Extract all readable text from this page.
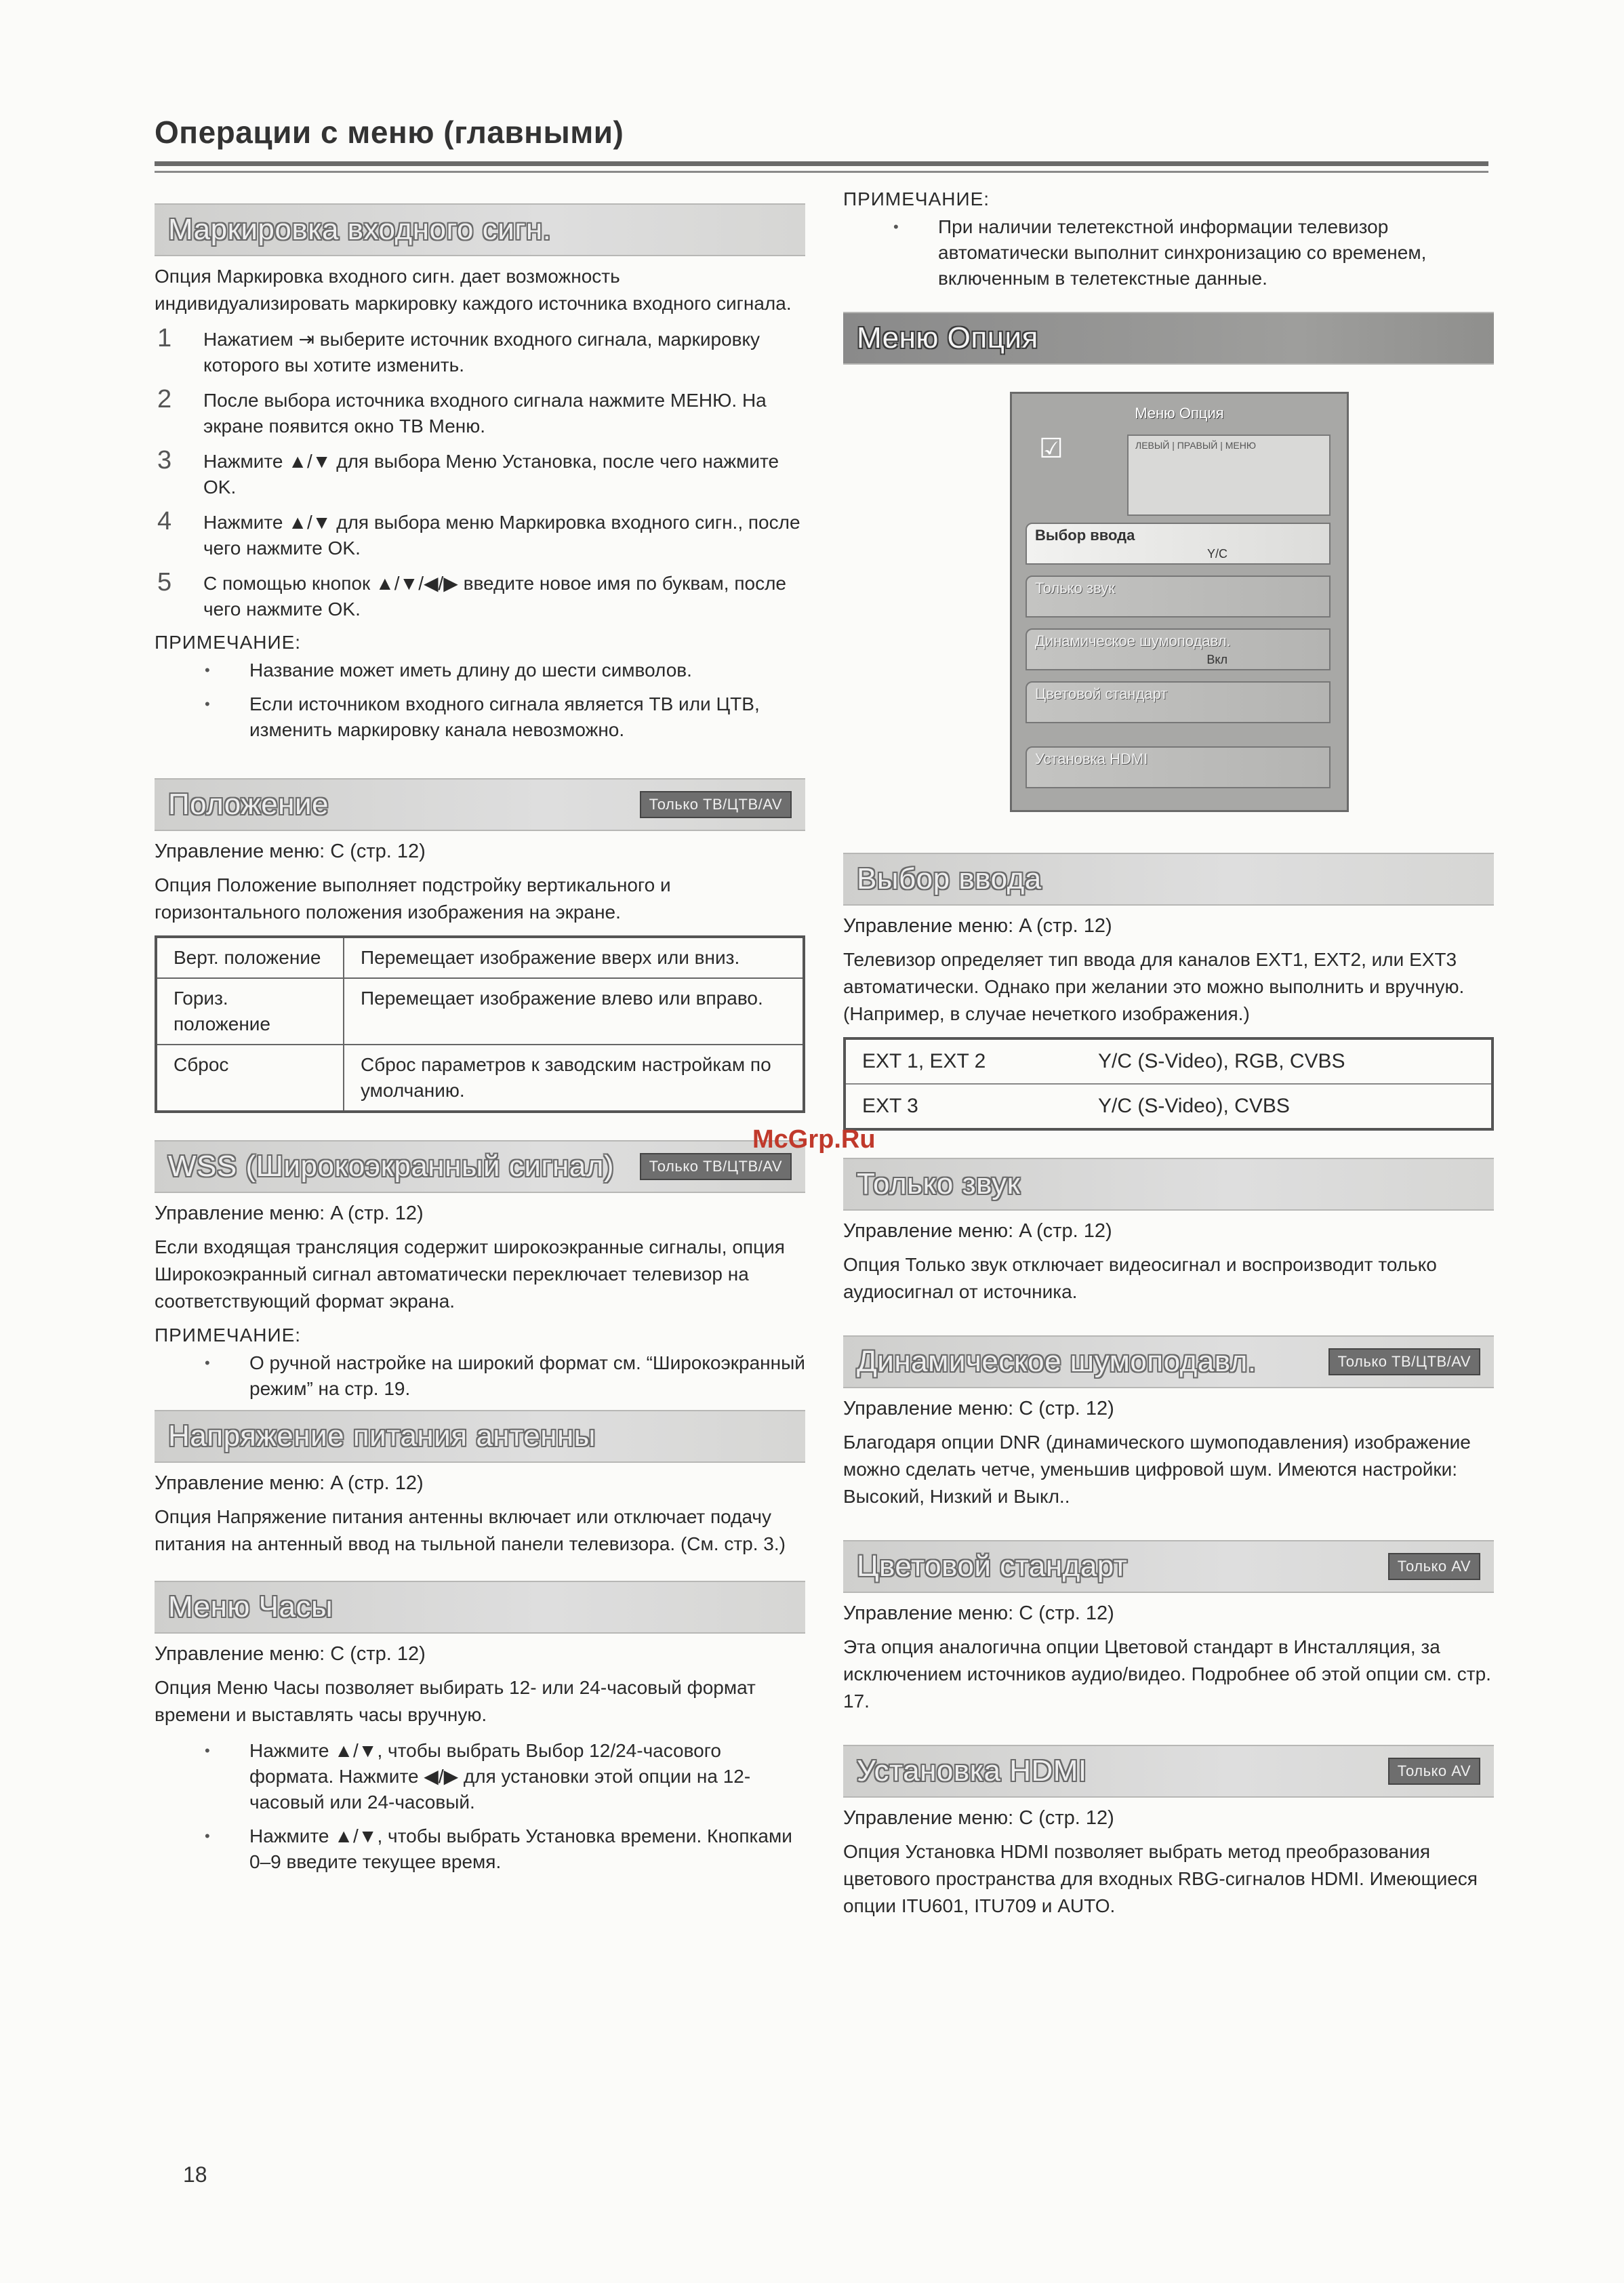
Операции с меню (главными)
Маркировка входного сигн.

Опция Маркировка входного сигн. дает возможность индивидуализировать маркировку каждого источника входного сигнала.

1 Нажатием ⇥ выберите источник входного сигнала, маркировку которого вы хотите изменить.
2 После выбора источника входного сигнала нажмите МЕНЮ. На экране появится окно ТВ Меню.
3 Нажмите ▲/▼ для выбора Меню Установка, после чего нажмите OK.
4 Нажмите ▲/▼ для выбора меню Маркировка входного сигн., после чего нажмите OK.
5 С помощью кнопок ▲/▼/◀/▶ введите новое имя по буквам, после чего нажмите OK.
ПРИМЕЧАНИЕ:
• Название может иметь длину до шести символов.
• Если источником входного сигнала является ТВ или ЦТВ, изменить маркировку канала невозможно.
Положение	Только ТВ/ЦТВ/AV

Управление меню: C (стр. 12)

Опция Положение выполняет подстройку вертикального и горизонтального положения изображения на экране.

Верт. положение	Перемещает изображение вверх или вниз.
Гориз. положение	Перемещает изображение влево или вправо.
Сброс	Сброс параметров к заводским настройкам по умолчанию.
WSS (Широкоэкранный сигнал)	Только ТВ/ЦТВ/AV

Управление меню: A (стр. 12)

Если входящая трансляция содержит широкоэкранные сигналы, опция Широкоэкранный сигнал автоматически переключает телевизор на соответствующий формат экрана.

ПРИМЕЧАНИЕ:
• О ручной настройке на широкий формат см. “Широкоэкранный режим” на стр. 19.
Напряжение питания антенны

Управление меню: A (стр. 12)

Опция Напряжение питания антенны включает или отключает подачу питания на антенный ввод на тыльной панели телевизора. (См. стр. 3.)

Меню Часы

Управление меню: C (стр. 12)

Опция Меню Часы позволяет выбирать 12- или 24-часовый формат времени и выставлять часы вручную.

• Нажмите ▲/▼, чтобы выбрать Выбор 12/24-часового формата. Нажмите ◀/▶ для установки этой опции на 12-часовый или 24-часовый.
• Нажмите ▲/▼, чтобы выбрать Установка времени. Кнопками 0–9 введите текущее время.
ПРИМЕЧАНИЕ:
• При наличии телетекстной информации телевизор автоматически выполнит синхронизацию со временем, включенным в телетекстные данные.
Меню Опция
Меню Опция
☑	ЛЕВЫЙ | ПРАВЫЙ | МЕНЮ
Выбор ввода
Y/C
Только звук
Динамическое шумоподавл.
Вкл
Цветовой стандарт
Установка HDMI
Выбор ввода

Управление меню: A (стр. 12)

Телевизор определяет тип ввода для каналов EXT1, EXT2, или EXT3 автоматически. Однако при желании это можно выполнить и вручную. (Например, в случае нечеткого изображения.)

EXT 1, EXT 2	Y/C (S-Video), RGB, CVBS
EXT 3	Y/C (S-Video), CVBS
Только звук

Управление меню: A (стр. 12)

Опция Только звук отключает видеосигнал и воспроизводит только аудиосигнал от источника.

Динамическое шумоподавл.	Только ТВ/ЦТВ/AV

Управление меню: C (стр. 12)

Благодаря опции DNR (динамического шумоподавления) изображение можно сделать четче, уменьшив цифровой шум. Имеются настройки: Высокий, Низкий и Выкл..

Цветовой стандарт	Только AV

Управление меню: C (стр. 12)

Эта опция аналогична опции Цветовой стандарт в Инсталляция, за исключением источников аудио/видео. Подробнее об этой опции см. стр. 17.

Установка HDMI	Только AV

Управление меню: C (стр. 12)

Опция Установка HDMI позволяет выбрать метод преобразования цветового пространства для входных RBG-сигналов HDMI. Имеющиеся опции ITU601, ITU709 и AUTO.

McGrp.Ru
18
